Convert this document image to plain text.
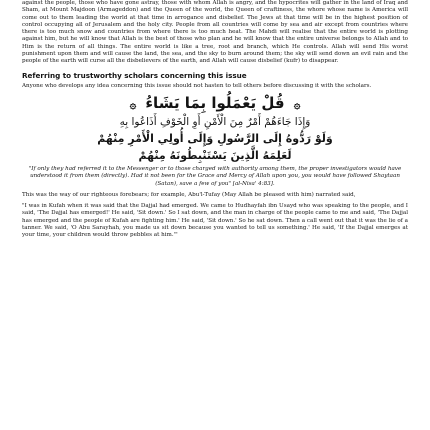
against the people, those who have gone astray, those with whom Allah is angry, and the hypocrites will gather in the land of Iraq and Sham, at Mount Majdoon (Armageddon) and the Queen of the world, the Queen of craftiness, the whore whose name is America will come out to them leading the world at that time in arrogance and disbelief. The Jews at that time will be in the highest position of control occupying all of Jerusalem and the holy city. People from all countries will come by sea and air except from countries where there is too much snow and countries from where there is too much heat. The Mahdi will realise that the entire world is plotting against him, but he will know that Allah is the best of those who plan and he will know that the entire universe belongs to Allah and to Him is the return of all things. The entire world is like a tree, root and branch, which He controls. Allah will send His worst punishment upon them and will cause the land, the sea, and the sky to burn around them; the sky will send down an evil rain and the people of the earth will curse all the disbelievers of the earth, and Allah will cause disbelief (kufr) to disappear.

Referring to trustworthy scholars concerning this issue

Anyone who develops any idea concerning this issue should not hasten to tell others before discussing it with the scholars.

۞ قُلْ يَعْمَلُوا بِمَا يَشَاءُ ۞
وَإِذَا جَاءَهُمْ أَمْرٌ مِنَ الْأَمْنِ أَوِ الْخَوْفِ أَذَاعُوا بِهِ
وَلَوْ رَدُّوهُ إِلَى الرَّسُولِ وَإِلَى أُولِي الْأَمْرِ مِنْهُمْ
لَعَلِمَهُ الَّذِينَ يَسْتَنْبِطُونَهُ مِنْهُمْ

"If only they had referred it to the Messenger or to those charged with authority among them, the proper investigators would have understood it from them (directly). Had it not been for the Grace and Mercy of Allah upon you, you would have followed Shaytaan (Satan), save a few of you" [al-Nisa' 4:83].

This was the way of our righteous forebears; for example, Abu'l-Tufay (May Allah be pleased with him) narrated said,

"I was in Kufah when it was said that the Dajjal had emerged. We came to Hudhayfah ibn Usayd who was speaking to the people, and I said, 'The Dajjal has emerged!' He said, 'Sit down.' So I sat down, and the man in charge of the people came to me and said, 'The Dajjal has emerged and the people of Kufah are fighting him.' He said, 'Sit down.' So he sat down. Then a call went out that it was the lie of a tanner. We said, 'O Abu Sarayhah, you made us sit down because you wanted to tell us something.' He said, 'If the Dajjal emerges at your time, your children would throw pebbles at him.'"
